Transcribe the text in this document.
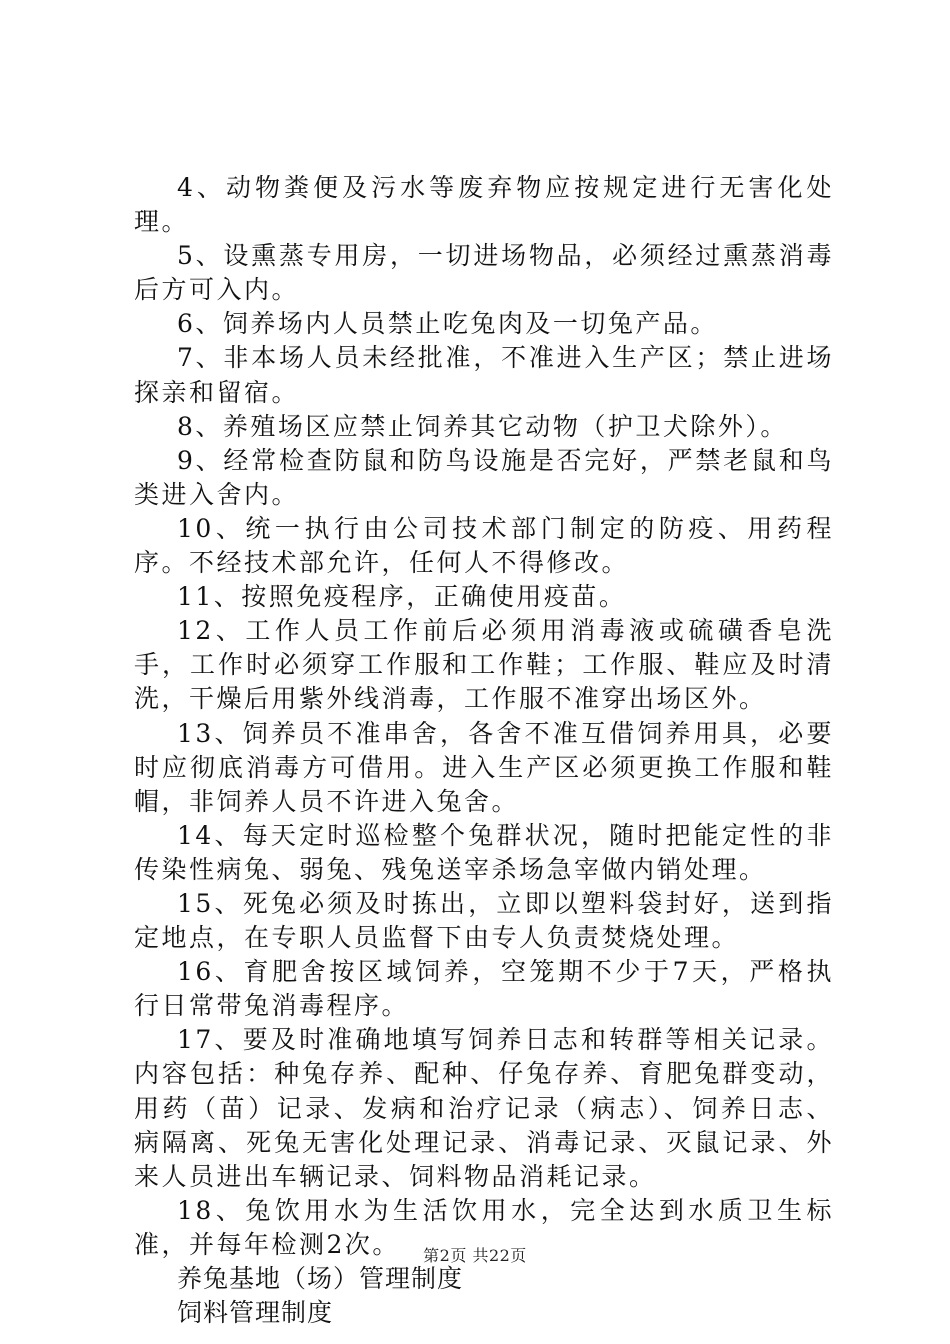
4、动物粪便及污水等废弃物应按规定进行无害化处理。

5、设熏蒸专用房，一切进场物品，必须经过熏蒸消毒后方可入内。

6、饲养场内人员禁止吃兔肉及一切兔产品。

7、非本场人员未经批准，不准进入生产区；禁止进场探亲和留宿。

8、养殖场区应禁止饲养其它动物（护卫犬除外）。

9、经常检查防鼠和防鸟设施是否完好，严禁老鼠和鸟类进入舍内。

10、统一执行由公司技术部门制定的防疫、用药程序。不经技术部允许，任何人不得修改。

11、按照免疫程序，正确使用疫苗。

12、工作人员工作前后必须用消毒液或硫磺香皂洗手，工作时必须穿工作服和工作鞋；工作服、鞋应及时清洗，干燥后用紫外线消毒，工作服不准穿出场区外。

13、饲养员不准串舍，各舍不准互借饲养用具，必要时应彻底消毒方可借用。进入生产区必须更换工作服和鞋帽，非饲养人员不许进入兔舍。

14、每天定时巡检整个兔群状况，随时把能定性的非传染性病兔、弱兔、残兔送宰杀场急宰做内销处理。

15、死兔必须及时拣出，立即以塑料袋封好，送到指定地点，在专职人员监督下由专人负责焚烧处理。

16、育肥舍按区域饲养，空笼期不少于7天，严格执行日常带兔消毒程序。

17、要及时准确地填写饲养日志和转群等相关记录。内容包括：种兔存养、配种、仔兔存养、育肥兔群变动，用药（苗）记录、发病和治疗记录（病志）、饲养日志、病隔离、死兔无害化处理记录、消毒记录、灭鼠记录、外来人员进出车辆记录、饲料物品消耗记录。

18、兔饮用水为生活饮用水，完全达到水质卫生标准，并每年检测2次。

养兔基地（场）管理制度

饲料管理制度

第2页 共22页
